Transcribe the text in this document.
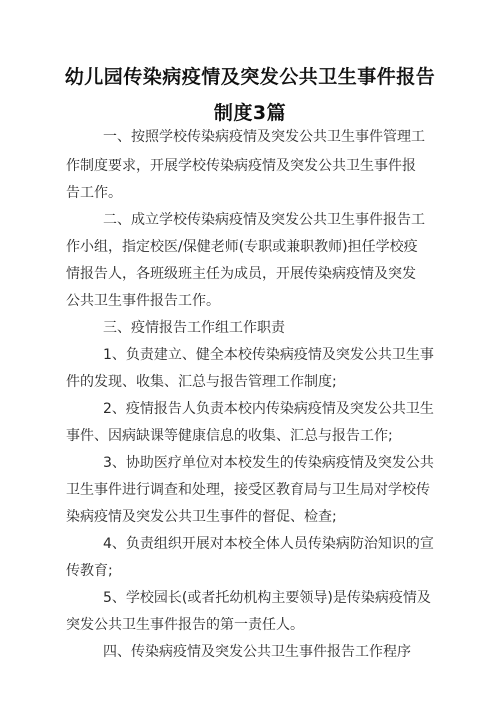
幼儿园传染病疫情及突发公共卫生事件报告
制度3篇
一、按照学校传染病疫情及突发公共卫生事件管理工
作制度要求，开展学校传染病疫情及突发公共卫生事件报
告工作。
二、成立学校传染病疫情及突发公共卫生事件报告工
作小组，指定校医/保健老师(专职或兼职教师)担任学校疫
情报告人，各班级班主任为成员，开展传染病疫情及突发
公共卫生事件报告工作。
三、疫情报告工作组工作职责
1、负责建立、健全本校传染病疫情及突发公共卫生事
件的发现、收集、汇总与报告管理工作制度;
2、疫情报告人负责本校内传染病疫情及突发公共卫生
事件、因病缺课等健康信息的收集、汇总与报告工作;
3、协助医疗单位对本校发生的传染病疫情及突发公共
卫生事件进行调查和处理，接受区教育局与卫生局对学校传
染病疫情及突发公共卫生事件的督促、检查;
4、负责组织开展对本校全体人员传染病防治知识的宣
传教育;
5、学校园长(或者托幼机构主要领导)是传染病疫情及
突发公共卫生事件报告的第一责任人。
四、传染病疫情及突发公共卫生事件报告工作程序
